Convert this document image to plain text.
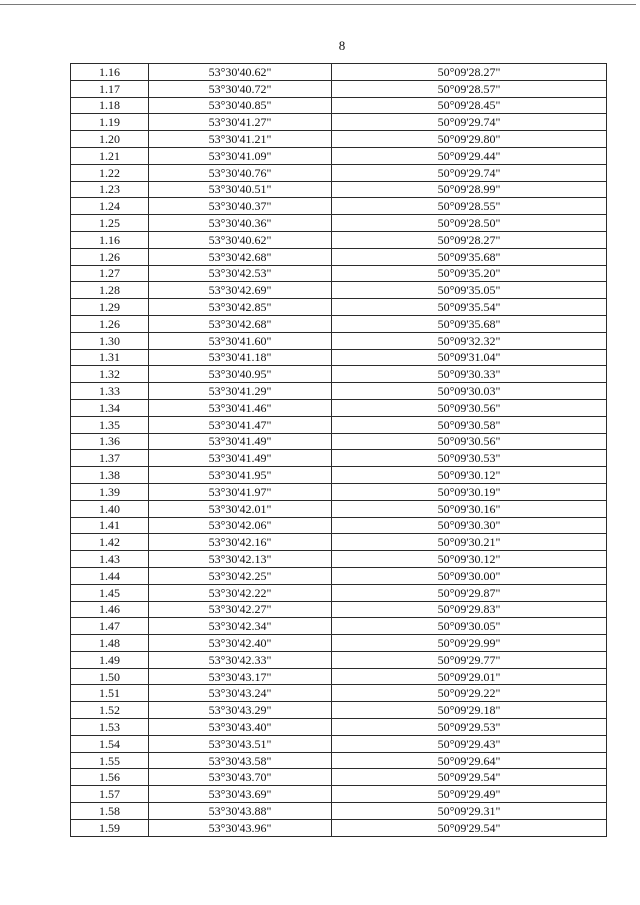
8
1.16	53°30'40.62"	50°09'28.27"
1.17	53°30'40.72"	50°09'28.57"
1.18	53°30'40.85"	50°09'28.45"
1.19	53°30'41.27"	50°09'29.74"
1.20	53°30'41.21"	50°09'29.80"
1.21	53°30'41.09"	50°09'29.44"
1.22	53°30'40.76"	50°09'29.74"
1.23	53°30'40.51"	50°09'28.99"
1.24	53°30'40.37"	50°09'28.55"
1.25	53°30'40.36"	50°09'28.50"
1.16	53°30'40.62"	50°09'28.27"
1.26	53°30'42.68"	50°09'35.68"
1.27	53°30'42.53"	50°09'35.20"
1.28	53°30'42.69"	50°09'35.05"
1.29	53°30'42.85"	50°09'35.54"
1.26	53°30'42.68"	50°09'35.68"
1.30	53°30'41.60"	50°09'32.32"
1.31	53°30'41.18"	50°09'31.04"
1.32	53°30'40.95"	50°09'30.33"
1.33	53°30'41.29"	50°09'30.03"
1.34	53°30'41.46"	50°09'30.56"
1.35	53°30'41.47"	50°09'30.58"
1.36	53°30'41.49"	50°09'30.56"
1.37	53°30'41.49"	50°09'30.53"
1.38	53°30'41.95"	50°09'30.12"
1.39	53°30'41.97"	50°09'30.19"
1.40	53°30'42.01"	50°09'30.16"
1.41	53°30'42.06"	50°09'30.30"
1.42	53°30'42.16"	50°09'30.21"
1.43	53°30'42.13"	50°09'30.12"
1.44	53°30'42.25"	50°09'30.00"
1.45	53°30'42.22"	50°09'29.87"
1.46	53°30'42.27"	50°09'29.83"
1.47	53°30'42.34"	50°09'30.05"
1.48	53°30'42.40"	50°09'29.99"
1.49	53°30'42.33"	50°09'29.77"
1.50	53°30'43.17"	50°09'29.01"
1.51	53°30'43.24"	50°09'29.22"
1.52	53°30'43.29"	50°09'29.18"
1.53	53°30'43.40"	50°09'29.53"
1.54	53°30'43.51"	50°09'29.43"
1.55	53°30'43.58"	50°09'29.64"
1.56	53°30'43.70"	50°09'29.54"
1.57	53°30'43.69"	50°09'29.49"
1.58	53°30'43.88"	50°09'29.31"
1.59	53°30'43.96"	50°09'29.54"
